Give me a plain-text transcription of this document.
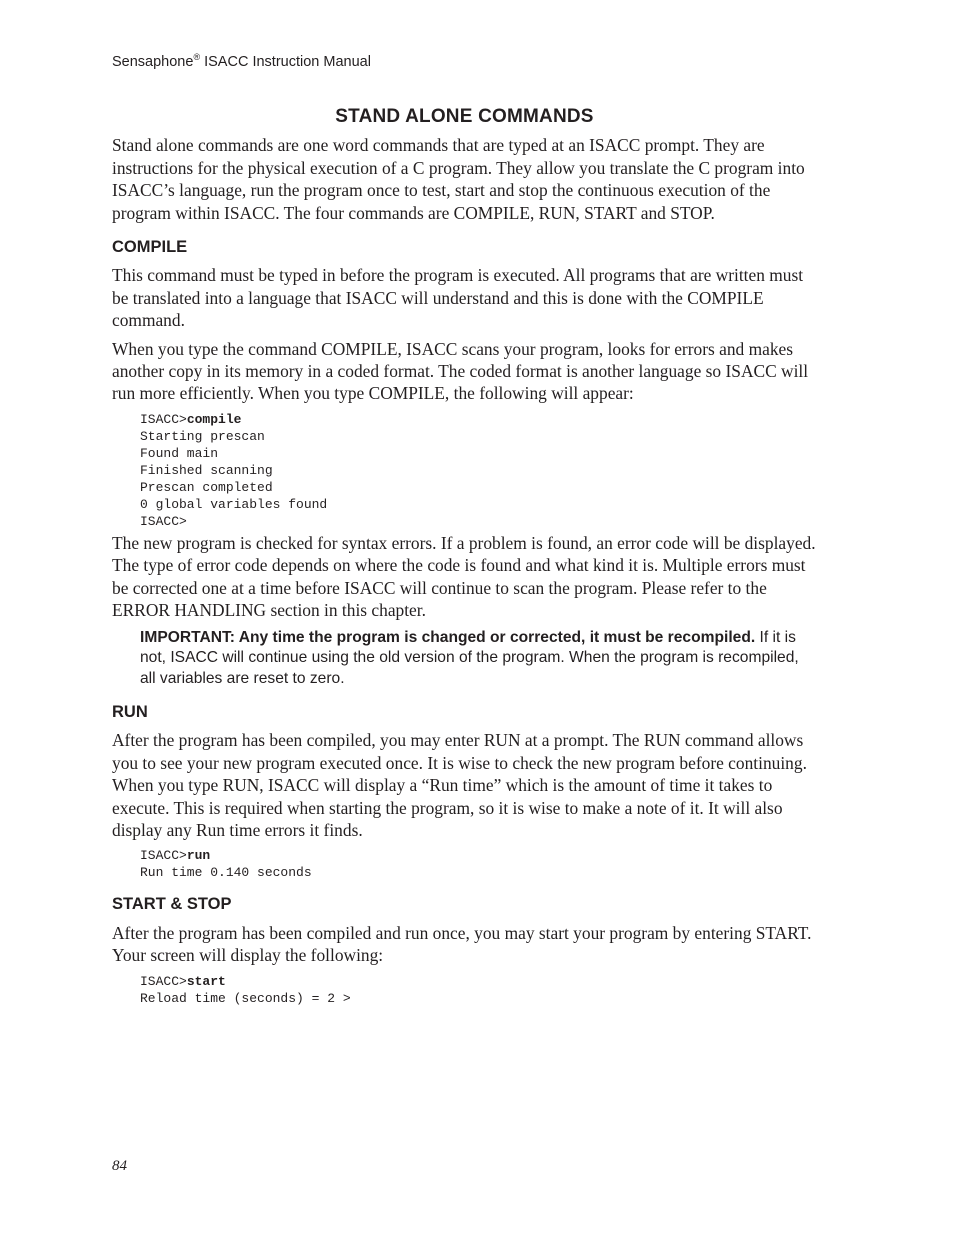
Sensaphone® ISACC Instruction Manual
STAND ALONE COMMANDS

Stand alone commands are one word commands that are typed at an ISACC prompt. They are instructions for the physical execution of a C program. They allow you translate the C program into ISACC’s language, run the program once to test, start and stop the continuous execution of the program within ISACC. The four commands are COMPILE, RUN, START and STOP.

COMPILE

This command must be typed in before the program is executed. All programs that are written must be translated into a language that ISACC will understand and this is done with the COMPILE command.

When you type the command COMPILE, ISACC scans your program, looks for errors and makes another copy in its memory in a coded format. The coded format is another language so ISACC will run more efficiently. When you type COMPILE, the following will appear:

ISACC>compile
Starting prescan
Found main
Finished scanning
Prescan completed
0 global variables found
ISACC>

The new program is checked for syntax errors. If a problem is found, an error code will be displayed. The type of error code depends on where the code is found and what kind it is. Multiple errors must be corrected one at a time before ISACC will continue to scan the program. Please refer to the ERROR HANDLING section in this chapter.

IMPORTANT: Any time the program is changed or corrected, it must be recompiled. If it is not, ISACC will continue using the old version of the program. When the program is recompiled, all variables are reset to zero.
RUN

After the program has been compiled, you may enter RUN at a prompt. The RUN command allows you to see your new program executed once. It is wise to check the new program before continuing. When you type RUN, ISACC will display a “Run time” which is the amount of time it takes to execute. This is required when starting the program, so it is wise to make a note of it. It will also display any Run time errors it finds.

ISACC>run
Run time 0.140 seconds
START & STOP

After the program has been compiled and run once, you may start your program by entering START. Your screen will display the following:

ISACC>start
Reload time (seconds) = 2 >
84
